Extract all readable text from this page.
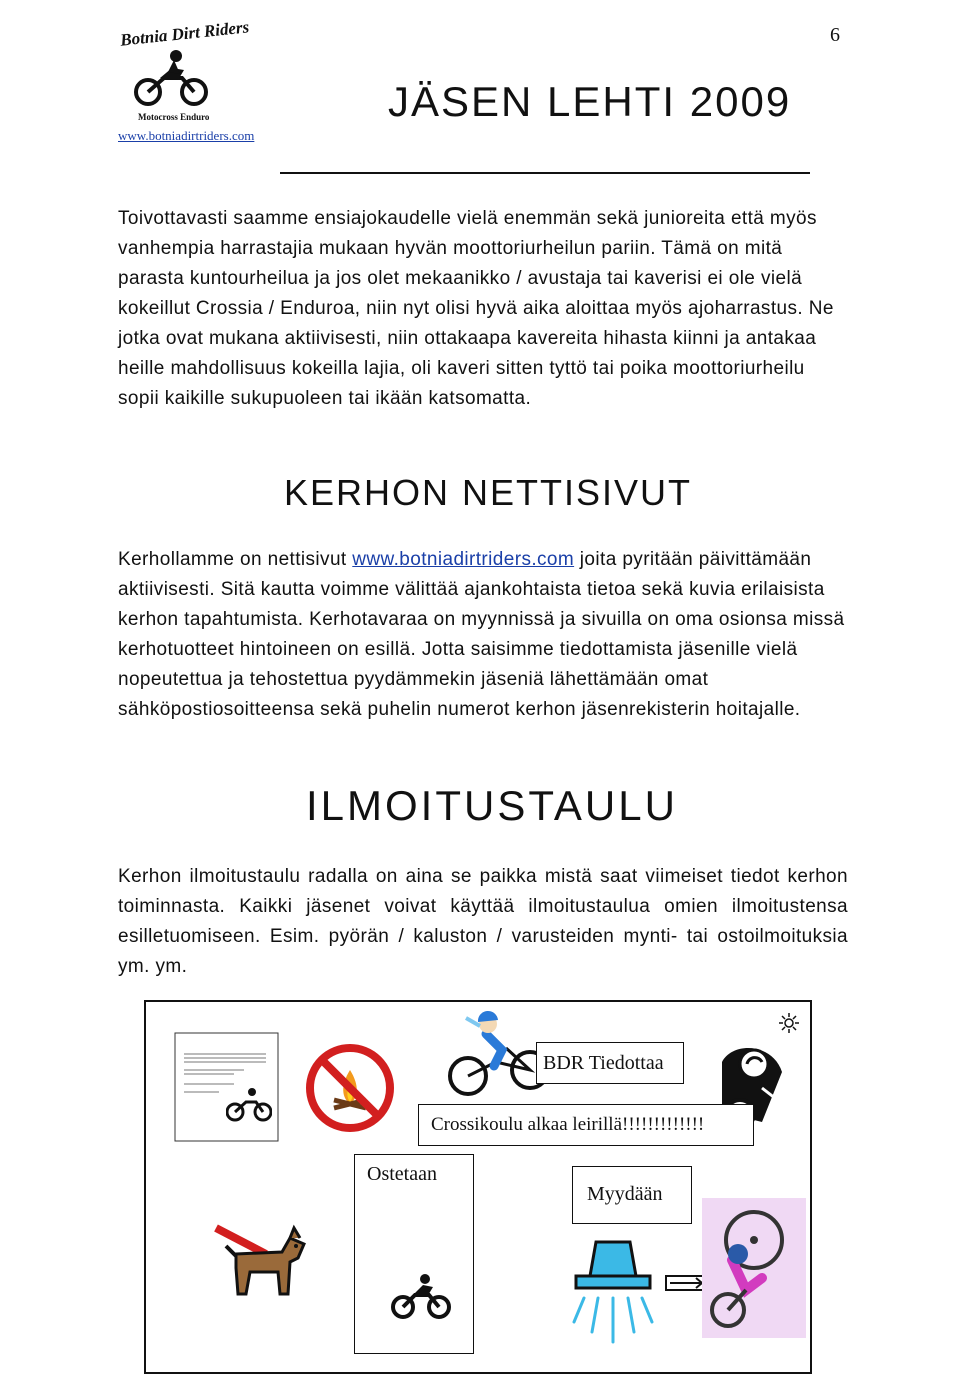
Botnia Dirt Riders
Motocross Enduro
www.botniadirtriders.com
6
JÄSEN LEHTI 2009

Toivottavasti saamme ensiajokaudelle vielä enemmän sekä junioreita että myös vanhempia harrastajia mukaan hyvän moottoriurheilun pariin. Tämä on mitä parasta kuntourheilua ja jos olet mekaanikko / avustaja tai kaverisi ei ole vielä kokeillut Crossia / Enduroa, niin nyt olisi hyvä aika aloittaa myös ajoharrastus. Ne jotka ovat mukana aktiivisesti, niin ottakaapa kavereita hihasta kiinni ja antakaa heille mahdollisuus kokeilla lajia, oli kaveri sitten tyttö tai poika moottoriurheilu sopii kaikille sukupuoleen tai ikään katsomatta.

KERHON NETTISIVUT

Kerhollamme on nettisivut www.botniadirtriders.com joita pyritään päivittämään aktiivisesti. Sitä kautta voimme välittää ajankohtaista tietoa sekä kuvia erilaisista kerhon tapahtumista. Kerhotavaraa on myynnissä ja sivuilla on oma osionsa missä kerhotuotteet hintoineen on esillä. Jotta saisimme tiedottamista jäsenille vielä nopeutettua ja tehostettua pyydämmekin jäseniä lähettämään omat sähköpostiosoitteensa sekä puhelin numerot kerhon jäsenrekisterin hoitajalle.

ILMOITUSTAULU

Kerhon ilmoitustaulu radalla on aina se paikka mistä saat viimeiset tiedot kerhon toiminnasta. Kaikki jäsenet voivat käyttää ilmoitustaulua omien ilmoitustensa esilletuomiseen. Esim. pyörän / kaluston / varusteiden mynti- tai ostoilmoituksia ym. ym.

BDR Tiedottaa
Crossikoulu alkaa leirillä!!!!!!!!!!!!!
Ostetaan
Myydään
